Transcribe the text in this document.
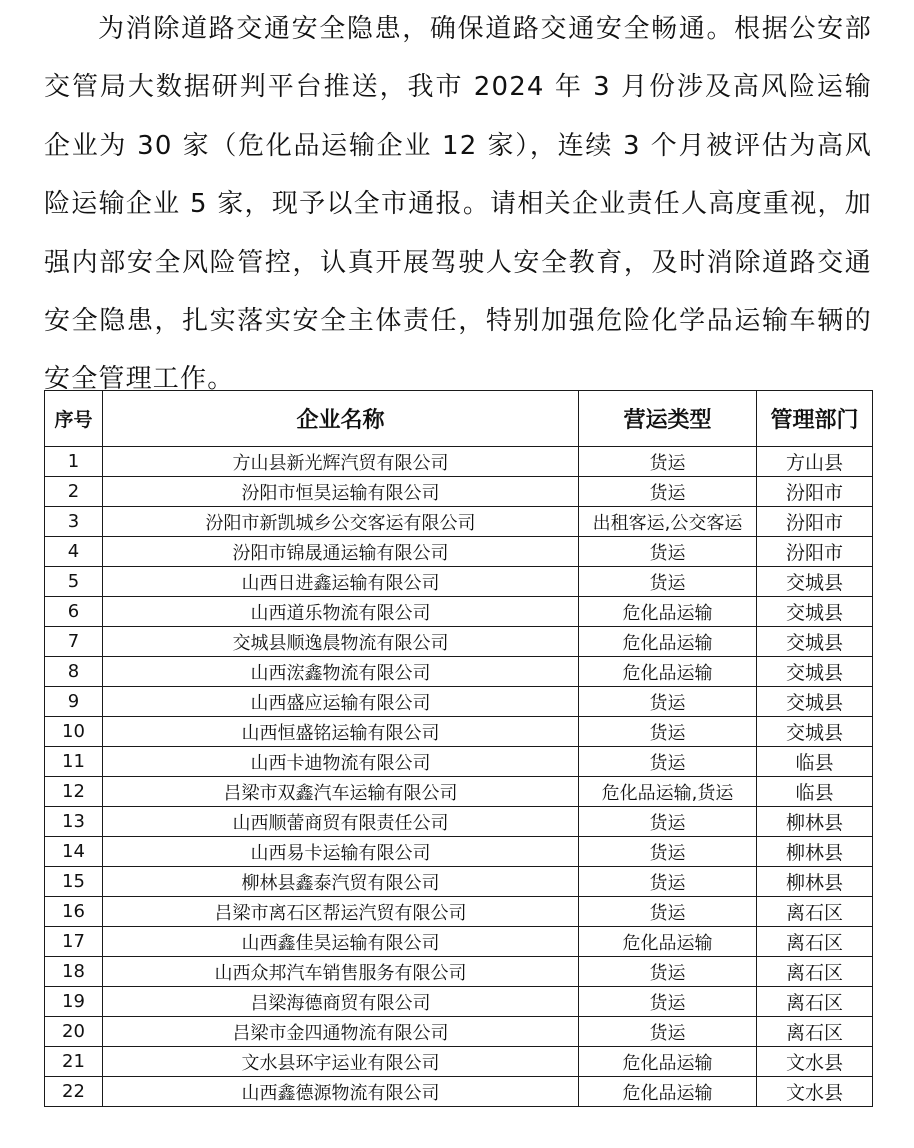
为消除道路交通安全隐患，确保道路交通安全畅通。根据公安部交管局大数据研判平台推送，我市 2024 年 3 月份涉及高风险运输企业为 30 家（危化品运输企业 12 家），连续 3 个月被评估为高风险运输企业 5 家，现予以全市通报。请相关企业责任人高度重视，加强内部安全风险管控，认真开展驾驶人安全教育，及时消除道路交通安全隐患，扎实落实安全主体责任，特别加强危险化学品运输车辆的安全管理工作。

序号	企业名称	营运类型	管理部门
1	方山县新光辉汽贸有限公司	货运	方山县
2	汾阳市恒昊运输有限公司	货运	汾阳市
3	汾阳市新凯城乡公交客运有限公司	出租客运,公交客运	汾阳市
4	汾阳市锦晟通运输有限公司	货运	汾阳市
5	山西日进鑫运输有限公司	货运	交城县
6	山西道乐物流有限公司	危化品运输	交城县
7	交城县顺逸晨物流有限公司	危化品运输	交城县
8	山西浤鑫物流有限公司	危化品运输	交城县
9	山西盛应运输有限公司	货运	交城县
10	山西恒盛铭运输有限公司	货运	交城县
11	山西卡迪物流有限公司	货运	临县
12	吕梁市双鑫汽车运输有限公司	危化品运输,货运	临县
13	山西顺蕾商贸有限责任公司	货运	柳林县
14	山西易卡运输有限公司	货运	柳林县
15	柳林县鑫泰汽贸有限公司	货运	柳林县
16	吕梁市离石区帮运汽贸有限公司	货运	离石区
17	山西鑫佳昊运输有限公司	危化品运输	离石区
18	山西众邦汽车销售服务有限公司	货运	离石区
19	吕梁海德商贸有限公司	货运	离石区
20	吕梁市金四通物流有限公司	货运	离石区
21	文水县环宇运业有限公司	危化品运输	文水县
22	山西鑫德源物流有限公司	危化品运输	文水县
